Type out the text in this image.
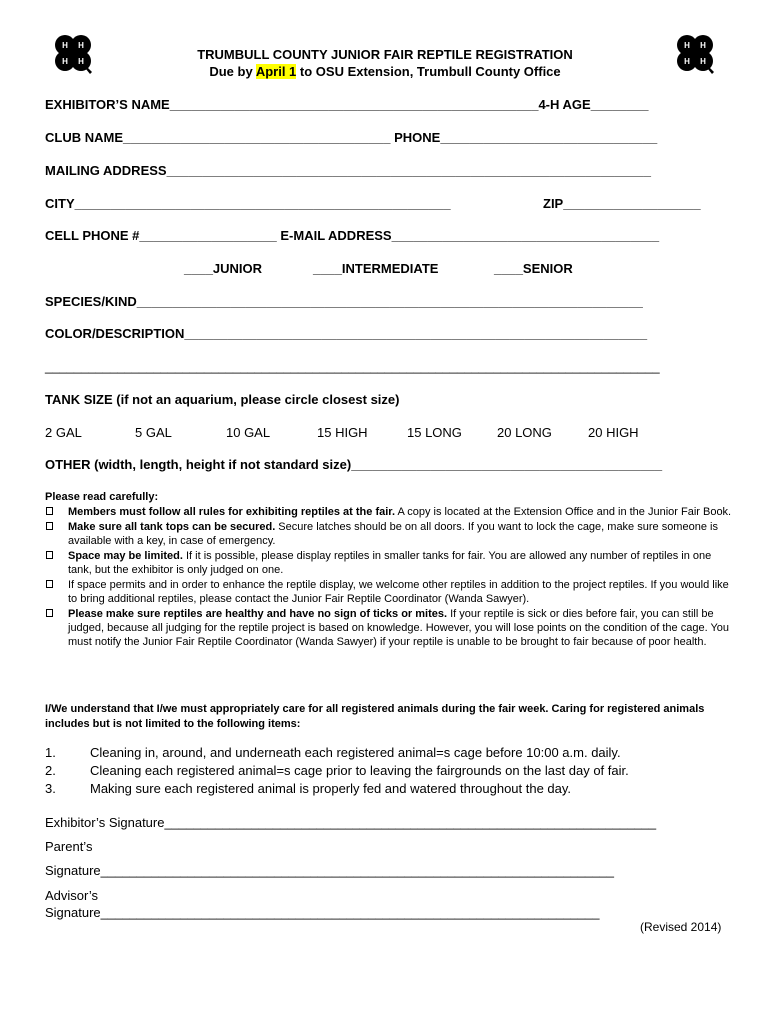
H H
H H
H H
H H
TRUMBULL COUNTY JUNIOR FAIR REPTILE REGISTRATION
Due by April 1 to OSU Extension, Trumbull County Office
EXHIBITOR’S NAME___________________________________________________4-H AGE________
CLUB NAME_____________________________________ PHONE______________________________
MAILING ADDRESS___________________________________________________________________
CITY____________________________________________________	ZIP___________________
CELL PHONE #___________________ E-MAIL ADDRESS_____________________________________
____JUNIOR	____INTERMEDIATE	____SENIOR
SPECIES/KIND______________________________________________________________________
COLOR/DESCRIPTION________________________________________________________________
_____________________________________________________________________________________
TANK SIZE (if not an aquarium, please circle closest size)
2 GAL	5 GAL	10 GAL	15 HIGH	15 LONG	20 LONG	20 HIGH
OTHER (width, length, height if not standard size)___________________________________________
Please read carefully:
Members must follow all rules for exhibiting reptiles at the fair. A copy is located at the Extension Office and in the Junior Fair Book.
Make sure all tank tops can be secured. Secure latches should be on all doors. If you want to lock the cage, make sure someone is available with a key, in case of emergency.
Space may be limited. If it is possible, please display reptiles in smaller tanks for fair. You are allowed any number of reptiles in one tank, but the exhibitor is only judged on one.
If space permits and in order to enhance the reptile display, we welcome other reptiles in addition to the project reptiles. If you would like to bring additional reptiles, please contact the Junior Fair Reptile Coordinator (Wanda Sawyer).
Please make sure reptiles are healthy and have no sign of ticks or mites. If your reptile is sick or dies before fair, you can still be judged, because all judging for the reptile project is based on knowledge. However, you will lose points on the condition of the cage. You must notify the Junior Fair Reptile Coordinator (Wanda Sawyer) if your reptile is unable to be brought to fair because of poor health.
I/We understand that I/we must appropriately care for all registered animals during the fair week. Caring for registered animals includes but is not limited to the following items:
1.	Cleaning in, around, and underneath each registered animal=s cage before 10:00 a.m. daily.
2.	Cleaning each registered animal=s cage prior to leaving the fairgrounds on the last day of fair.
3.	Making sure each registered animal is properly fed and watered throughout the day.
Exhibitor’s Signature____________________________________________________________________
Parent’s
Signature_______________________________________________________________________
Advisor’s
Signature_____________________________________________________________________
(Revised 2014)
